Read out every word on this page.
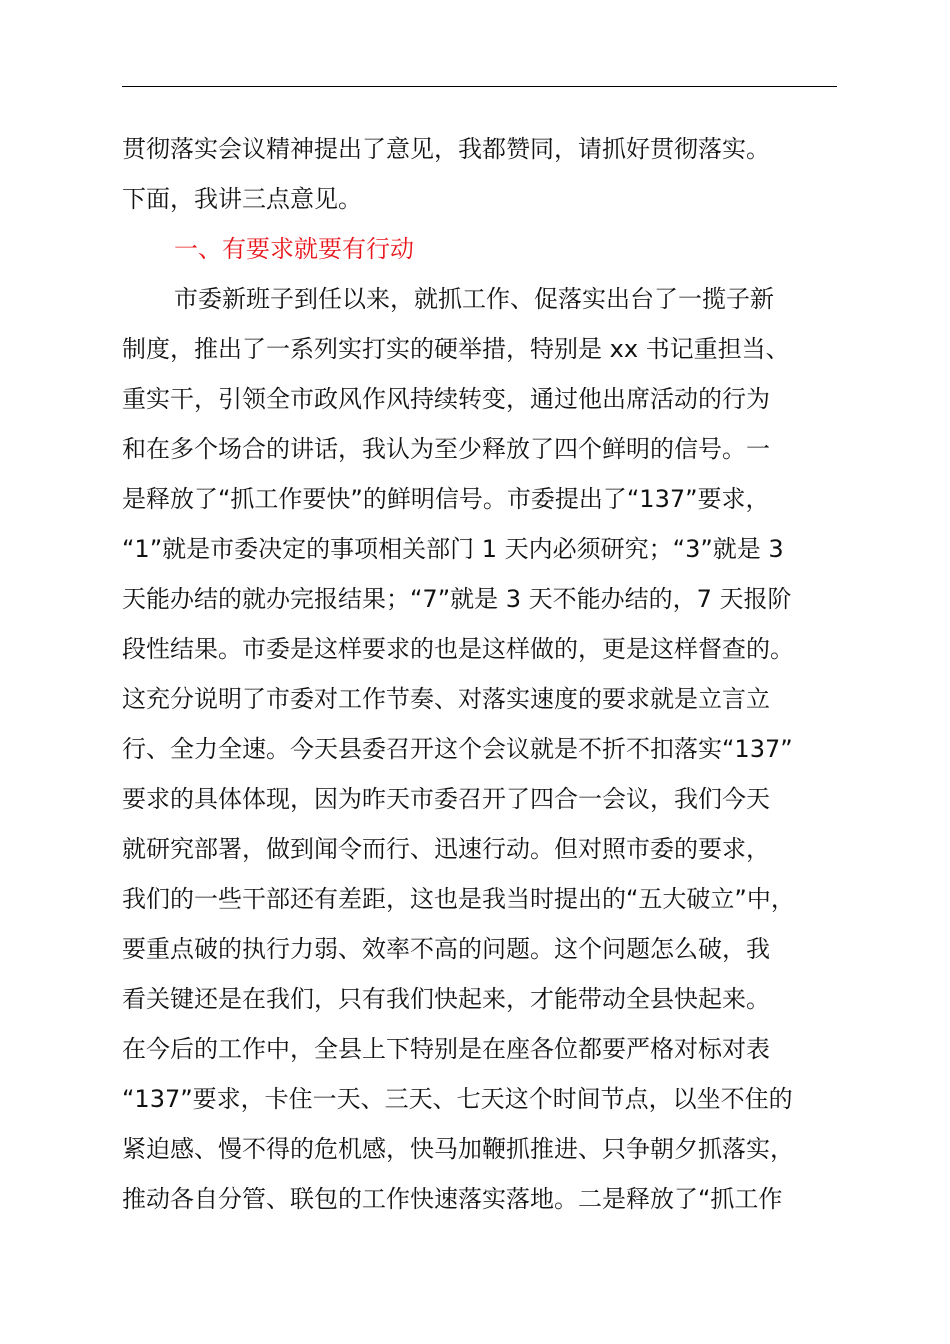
贯彻落实会议精神提出了意见，我都赞同，请抓好贯彻落实。
下面，我讲三点意见。
一、有要求就要有行动
市委新班子到任以来，就抓工作、促落实出台了一揽子新
制度，推出了一系列实打实的硬举措，特别是 xx 书记重担当、
重实干，引领全市政风作风持续转变，通过他出席活动的行为
和在多个场合的讲话，我认为至少释放了四个鲜明的信号。一
是释放了“抓工作要快”的鲜明信号。市委提出了“137”要求，
“1”就是市委决定的事项相关部门 1 天内必须研究；“3”就是 3
天能办结的就办完报结果；“7”就是 3 天不能办结的，7 天报阶
段性结果。市委是这样要求的也是这样做的，更是这样督查的。
这充分说明了市委对工作节奏、对落实速度的要求就是立言立
行、全力全速。今天县委召开这个会议就是不折不扣落实“137”
要求的具体体现，因为昨天市委召开了四合一会议，我们今天
就研究部署，做到闻令而行、迅速行动。但对照市委的要求，
我们的一些干部还有差距，这也是我当时提出的“五大破立”中，
要重点破的执行力弱、效率不高的问题。这个问题怎么破，我
看关键还是在我们，只有我们快起来，才能带动全县快起来。
在今后的工作中，全县上下特别是在座各位都要严格对标对表
“137”要求，卡住一天、三天、七天这个时间节点，以坐不住的
紧迫感、慢不得的危机感，快马加鞭抓推进、只争朝夕抓落实，
推动各自分管、联包的工作快速落实落地。二是释放了“抓工作
